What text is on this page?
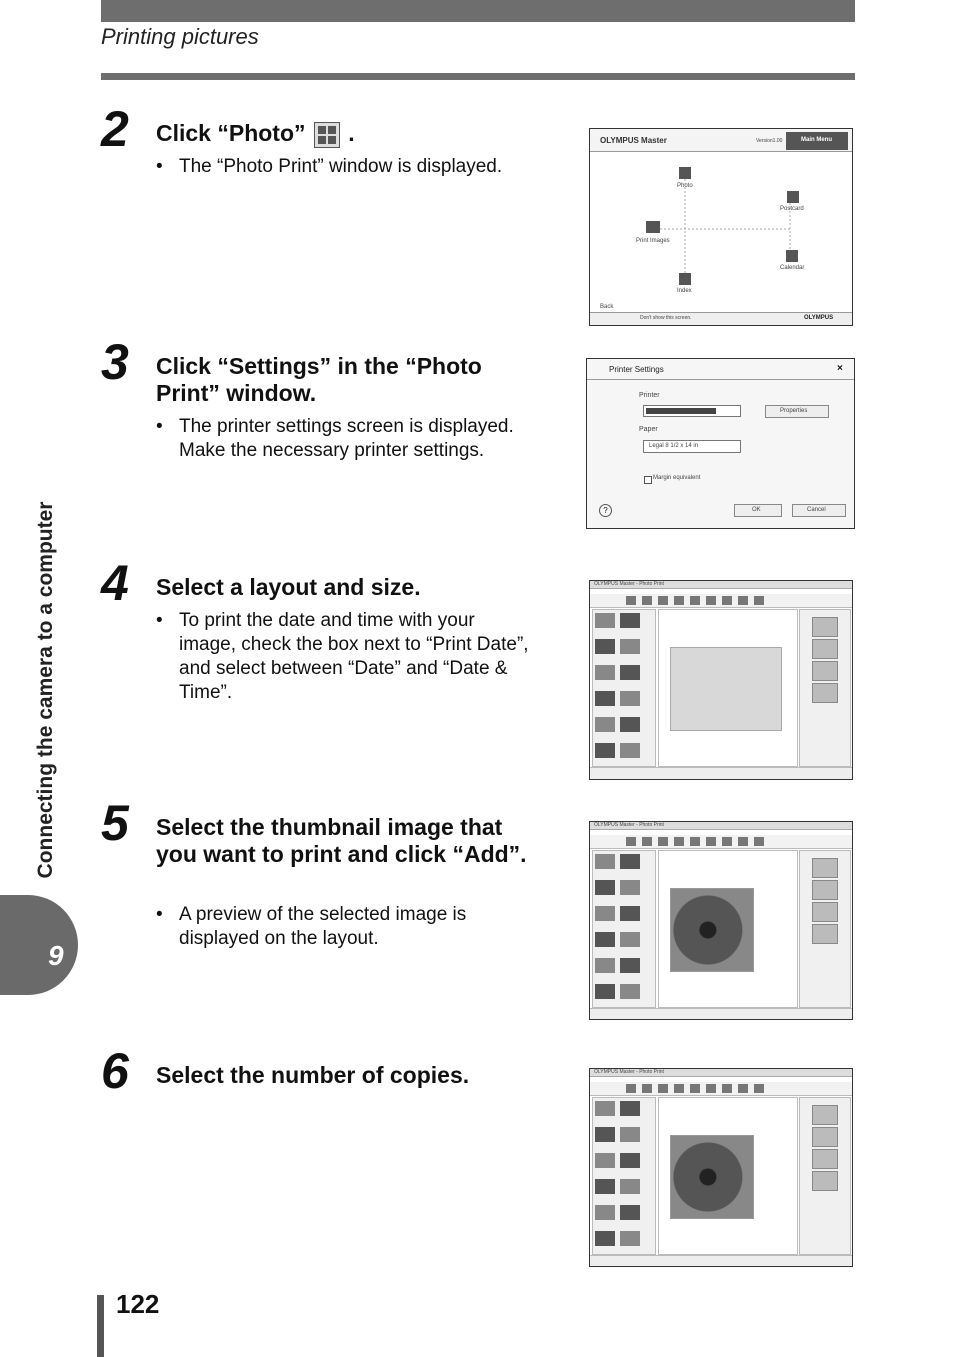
Printing pictures
Connecting the camera to a computer
9
2 Click “Photo” .
• The “Photo Print” window is displayed.
OLYMPUS Master	Version1.00	Main Menu
Photo
Postcard
Print Images
Calendar
Index
Back
Don't show this screen.	OLYMPUS
3 Click “Settings” in the “Photo Print” window.
• The printer settings screen is displayed. Make the necessary printer settings.
Printer Settings	×
Printer
Properties
Paper
Legal 8 1/2 x 14 in
Margin equivalent
?	OK	Cancel
4 Select a layout and size.
• To print the date and time with your image, check the box next to “Print Date”, and select between “Date” and “Date & Time”.
5 Select the thumbnail image that you want to print and click “Add”.
• A preview of the selected image is displayed on the layout.
6 Select the number of copies.
OLYMPUS Master - Photo Print
OLYMPUS Master - Photo Print
OLYMPUS Master - Photo Print
122
